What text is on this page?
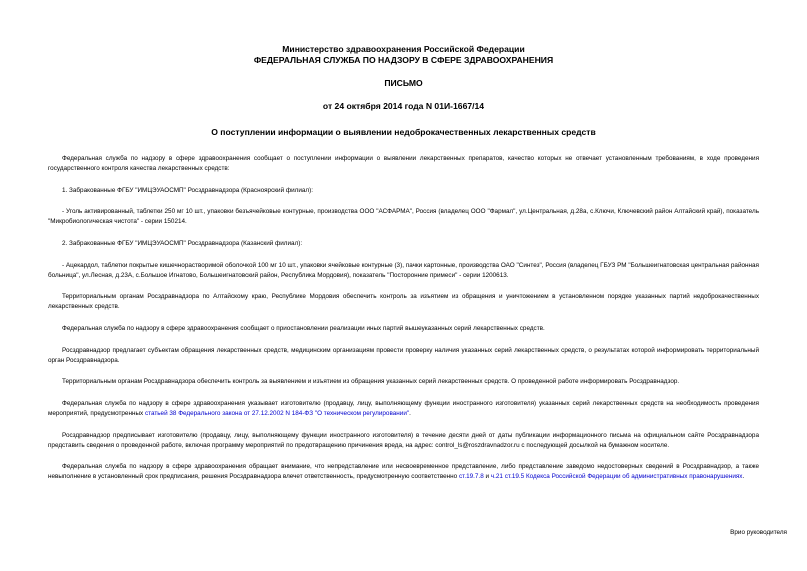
Министерство здравоохранения Российской Федерации
ФЕДЕРАЛЬНАЯ СЛУЖБА ПО НАДЗОРУ В СФЕРЕ ЗДРАВООХРАНЕНИЯ
ПИСЬМО
от 24 октября 2014 года N 01И-1667/14
О поступлении информации о выявлении недоброкачественных лекарственных средств

Федеральная служба по надзору в сфере здравоохранения сообщает о поступлении информации о выявлении лекарственных препаратов, качество которых не отвечает установленным требованиям, в ходе проведения государственного контроля качества лекарственных средств:

1. Забракованные ФГБУ "ИМЦЭУАОСМП" Росздравнадзора (Красноярский филиал):

- Уголь активированный, таблетки 250 мг 10 шт., упаковки безъячейковые контурные, производства ООО "АСФАРМА", Россия (владелец ООО "Фармал", ул.Центральная, д.28а, с.Ключи, Ключевский район Алтайский край), показатель "Микробиологическая чистота" - серии 150214.

2. Забракованные ФГБУ "ИМЦЭУАОСМП" Росздравнадзора (Казанский филиал):

- Ацекардол, таблетки покрытые кишечнорастворимой оболочкой 100 мг 10 шт., упаковки ячейковые контурные (3), пачки картонные, производства ОАО "Синтез", Россия (владелец ГБУЗ РМ "Большеигнатовская центральная районная больница", ул.Лесная, д.23А, с.Большое Игнатово, Большеигнатовский район, Республика Мордовия), показатель "Посторонние примеси" - серии 1200613.

Территориальным органам Росздравнадзора по Алтайскому краю, Республике Мордовия обеспечить контроль за изъятием из обращения и уничтожением в установленном порядке указанных партий недоброкачественных лекарственных средств.

Федеральная служба по надзору в сфере здравоохранения сообщает о приостановлении реализации иных партий вышеуказанных серий лекарственных средств.

Росздравнадзор предлагает субъектам обращения лекарственных средств, медицинским организациям провести проверку наличия указанных серий лекарственных средств, о результатах которой информировать территориальный орган Росздравнадзора.

Территориальным органам Росздравнадзора обеспечить контроль за выявлением и изъятием из обращения указанных серий лекарственных средств. О проведенной работе информировать Росздравнадзор.

Федеральная служба по надзору в сфере здравоохранения указывает изготовителю (продавцу, лицу, выполняющему функции иностранного изготовителя) указанных серий лекарственных средств на необходимость проведения мероприятий, предусмотренных статьей 38 Федерального закона от 27.12.2002 N 184-ФЗ "О техническом регулировании".

Росздравнадзор предписывает изготовителю (продавцу, лицу, выполняющему функции иностранного изготовителя) в течение десяти дней от даты публикации информационного письма на официальном сайте Росздравнадзора представить сведения о проведенной работе, включая программу мероприятий по предотвращению причинения вреда, на адрес: control_ls@roszdravnadzor.ru с последующей досылкой на бумажном носителе.

Федеральная служба по надзору в сфере здравоохранения обращает внимание, что непредставление или несвоевременное представление, либо представление заведомо недостоверных сведений в Росздравнадзор, а также невыполнение в установленный срок предписания, решения Росздравнадзора влечет ответственность, предусмотренную соответственно ст.19.7.8 и ч.21 ст.19.5 Кодекса Российской Федерации об административных правонарушениях.

Врио руководителя
